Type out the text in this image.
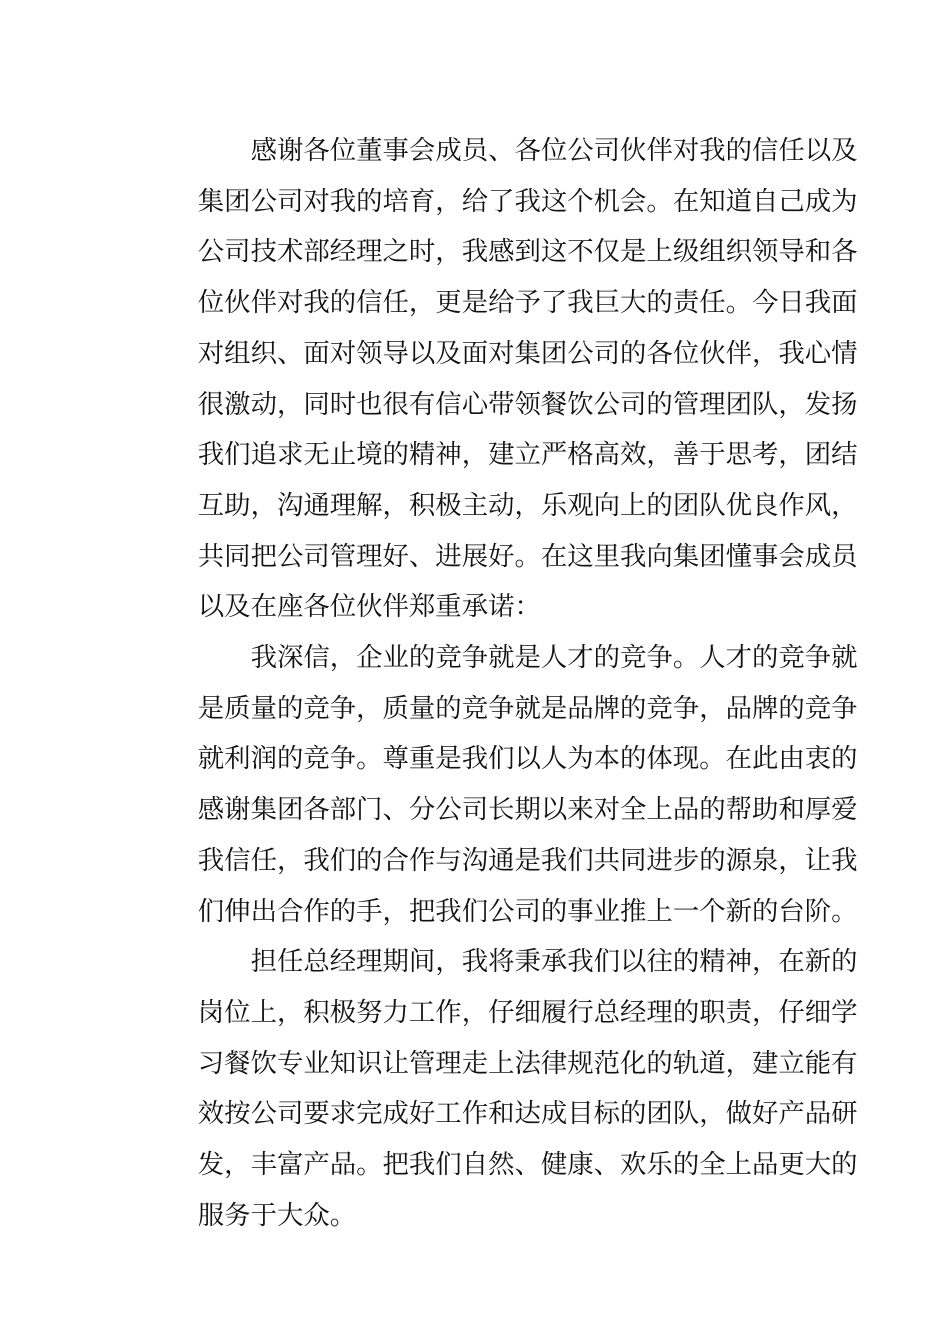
感谢各位董事会成员、各位公司伙伴对我的信任以及
集团公司对我的培育，给了我这个机会。在知道自己成为
公司技术部经理之时，我感到这不仅是上级组织领导和各
位伙伴对我的信任，更是给予了我巨大的责任。今日我面
对组织、面对领导以及面对集团公司的各位伙伴，我心情
很激动，同时也很有信心带领餐饮公司的管理团队，发扬
我们追求无止境的精神，建立严格高效，善于思考，团结
互助，沟通理解，积极主动，乐观向上的团队优良作风，
共同把公司管理好、进展好。在这里我向集团懂事会成员
以及在座各位伙伴郑重承诺：
我深信，企业的竞争就是人才的竞争。人才的竞争就
是质量的竞争，质量的竞争就是品牌的竞争，品牌的竞争
就利润的竞争。尊重是我们以人为本的体现。在此由衷的
感谢集团各部门、分公司长期以来对全上品的帮助和厚爱
我信任，我们的合作与沟通是我们共同进步的源泉，让我
们伸出合作的手，把我们公司的事业推上一个新的台阶。
担任总经理期间，我将秉承我们以往的精神，在新的
岗位上，积极努力工作，仔细履行总经理的职责，仔细学
习餐饮专业知识让管理走上法律规范化的轨道，建立能有
效按公司要求完成好工作和达成目标的团队，做好产品研
发，丰富产品。把我们自然、健康、欢乐的全上品更大的
服务于大众。
